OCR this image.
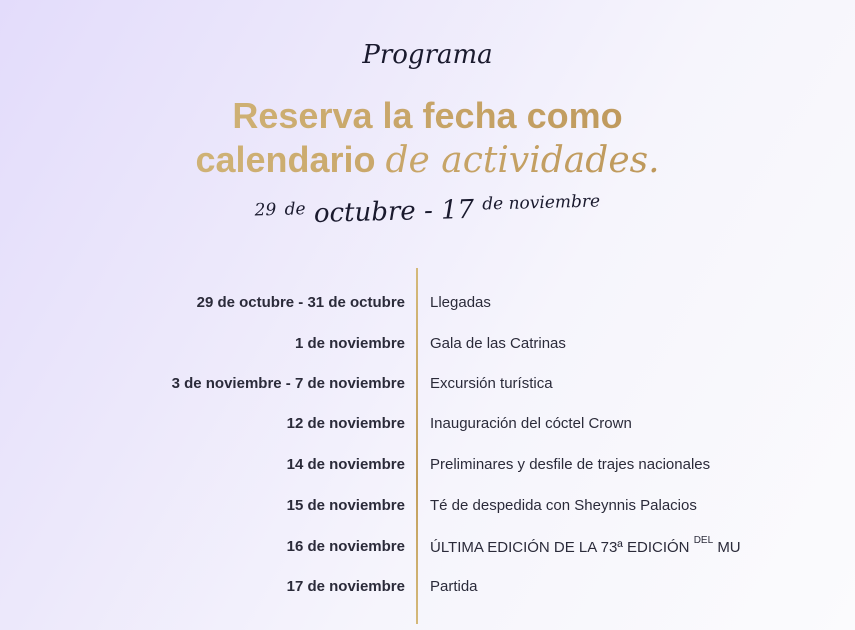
Programa
Reserva la fecha como
calendario de actividades.
$^{29}$ $^{de}$ octubre - 17 $^{de noviembre}$
29 de octubre - 31 de octubre Llegadas
1 de noviembre Gala de las Catrinas
3 de noviembre - 7 de noviembre Excursión turística
12 de noviembre Inauguración del cóctel Crown
14 de noviembre Preliminares y desfile de trajes nacionales
15 de noviembre Té de despedida con Sheynnis Palacios
16 de noviembre ÚLTIMA EDICIÓN DE LA 73ª EDICIÓN $^{DEL}$ MU
17 de noviembre Partida
